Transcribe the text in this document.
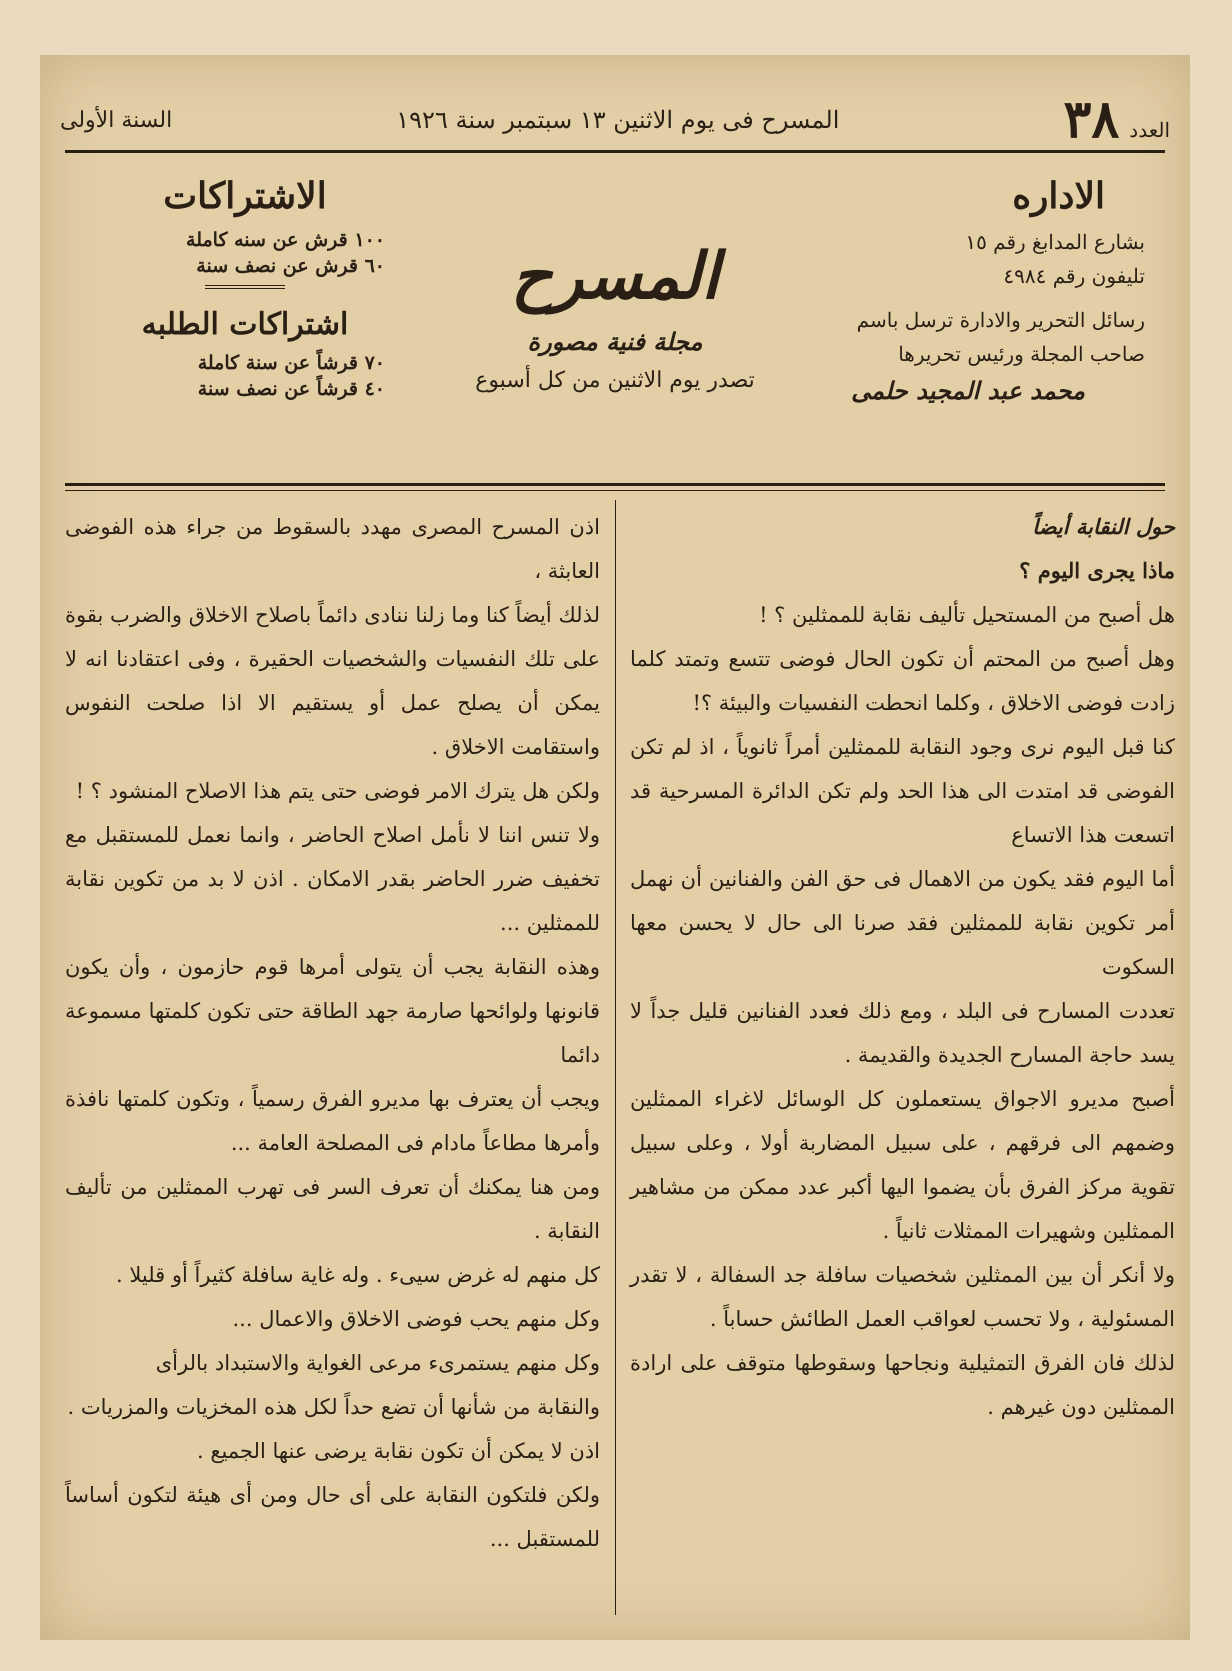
العدد
٣٨
المسرح فى يوم الاثنين ١٣ سبتمبر سنة ١٩٢٦
السنة الأولى
الاداره

بشارع المدابغ رقم ١٥

تليفون رقم ٤٩٨٤

رسائل التحرير والادارة ترسل باسم

صاحب المجلة ورئيس تحريرها

محمد عبد المجيد حلمى

المسرح
مجلة فنية مصورة
تصدر يوم الاثنين من كل أسبوع
الاشتراكات

١٠٠ قرش عن سنه كاملة

٦٠ قرش عن نصف سنة

اشتراكات الطلبه

٧٠ قرشاً عن سنة كاملة

٤٠ قرشاً عن نصف سنة

حول النقابة أيضاً

ماذا يجرى اليوم ؟

هل أصبح من المستحيل تأليف نقابة للممثلين ؟ !

وهل أصبح من المحتم أن تكون الحال فوضى تتسع وتمتد كلما زادت فوضى الاخلاق ، وكلما انحطت النفسيات والبيئة ؟!

كنا قبل اليوم نرى وجود النقابة للممثلين أمراً ثانوياً ، اذ لم تكن الفوضى قد امتدت الى هذا الحد ولم تكن الدائرة المسرحية قد اتسعت هذا الاتساع

أما اليوم فقد يكون من الاهمال فى حق الفن والفنانين أن نهمل أمر تكوين نقابة للممثلين فقد صرنا الى حال لا يحسن معها السكوت

تعددت المسارح فى البلد ، ومع ذلك فعدد الفنانين قليل جداً لا يسد حاجة المسارح الجديدة والقديمة .

أصبح مديرو الاجواق يستعملون كل الوسائل لاغراء الممثلين وضمهم الى فرقهم ، على سبيل المضاربة أولا ، وعلى سبيل تقوية مركز الفرق بأن يضموا اليها أكبر عدد ممكن من مشاهير الممثلين وشهيرات الممثلات ثانياً .

ولا أنكر أن بين الممثلين شخصيات سافلة جد السفالة ، لا تقدر المسئولية ، ولا تحسب لعواقب العمل الطائش حساباً .

لذلك فان الفرق التمثيلية ونجاحها وسقوطها متوقف على ارادة الممثلين دون غيرهم .

اذن المسرح المصرى مهدد بالسقوط من جراء هذه الفوضى العابثة ،

لذلك أيضاً كنا وما زلنا ننادى دائماً باصلاح الاخلاق والضرب بقوة على تلك النفسيات والشخصيات الحقيرة ، وفى اعتقادنا انه لا يمكن أن يصلح عمل أو يستقيم الا اذا صلحت النفوس واستقامت الاخلاق .

ولكن هل يترك الامر فوضى حتى يتم هذا الاصلاح المنشود ؟ !

ولا تنس اننا لا نأمل اصلاح الحاضر ، وانما نعمل للمستقبل مع تخفيف ضرر الحاضر بقدر الامكان . اذن لا بد من تكوين نقابة للممثلين ...

وهذه النقابة يجب أن يتولى أمرها قوم حازمون ، وأن يكون قانونها ولوائحها صارمة جهد الطاقة حتى تكون كلمتها مسموعة دائما

ويجب أن يعترف بها مديرو الفرق رسمياً ، وتكون كلمتها نافذة وأمرها مطاعاً مادام فى المصلحة العامة ...

ومن هنا يمكنك أن تعرف السر فى تهرب الممثلين من تأليف النقابة .

كل منهم له غرض سيىء . وله غاية سافلة كثيراً أو قليلا .

وكل منهم يحب فوضى الاخلاق والاعمال ...

وكل منهم يستمرىء مرعى الغواية والاستبداد بالرأى

والنقابة من شأنها أن تضع حداً لكل هذه المخزيات والمزريات .

اذن لا يمكن أن تكون نقابة يرضى عنها الجميع .

ولكن فلتكون النقابة على أى حال ومن أى هيئة لتكون أساساً للمستقبل ...
